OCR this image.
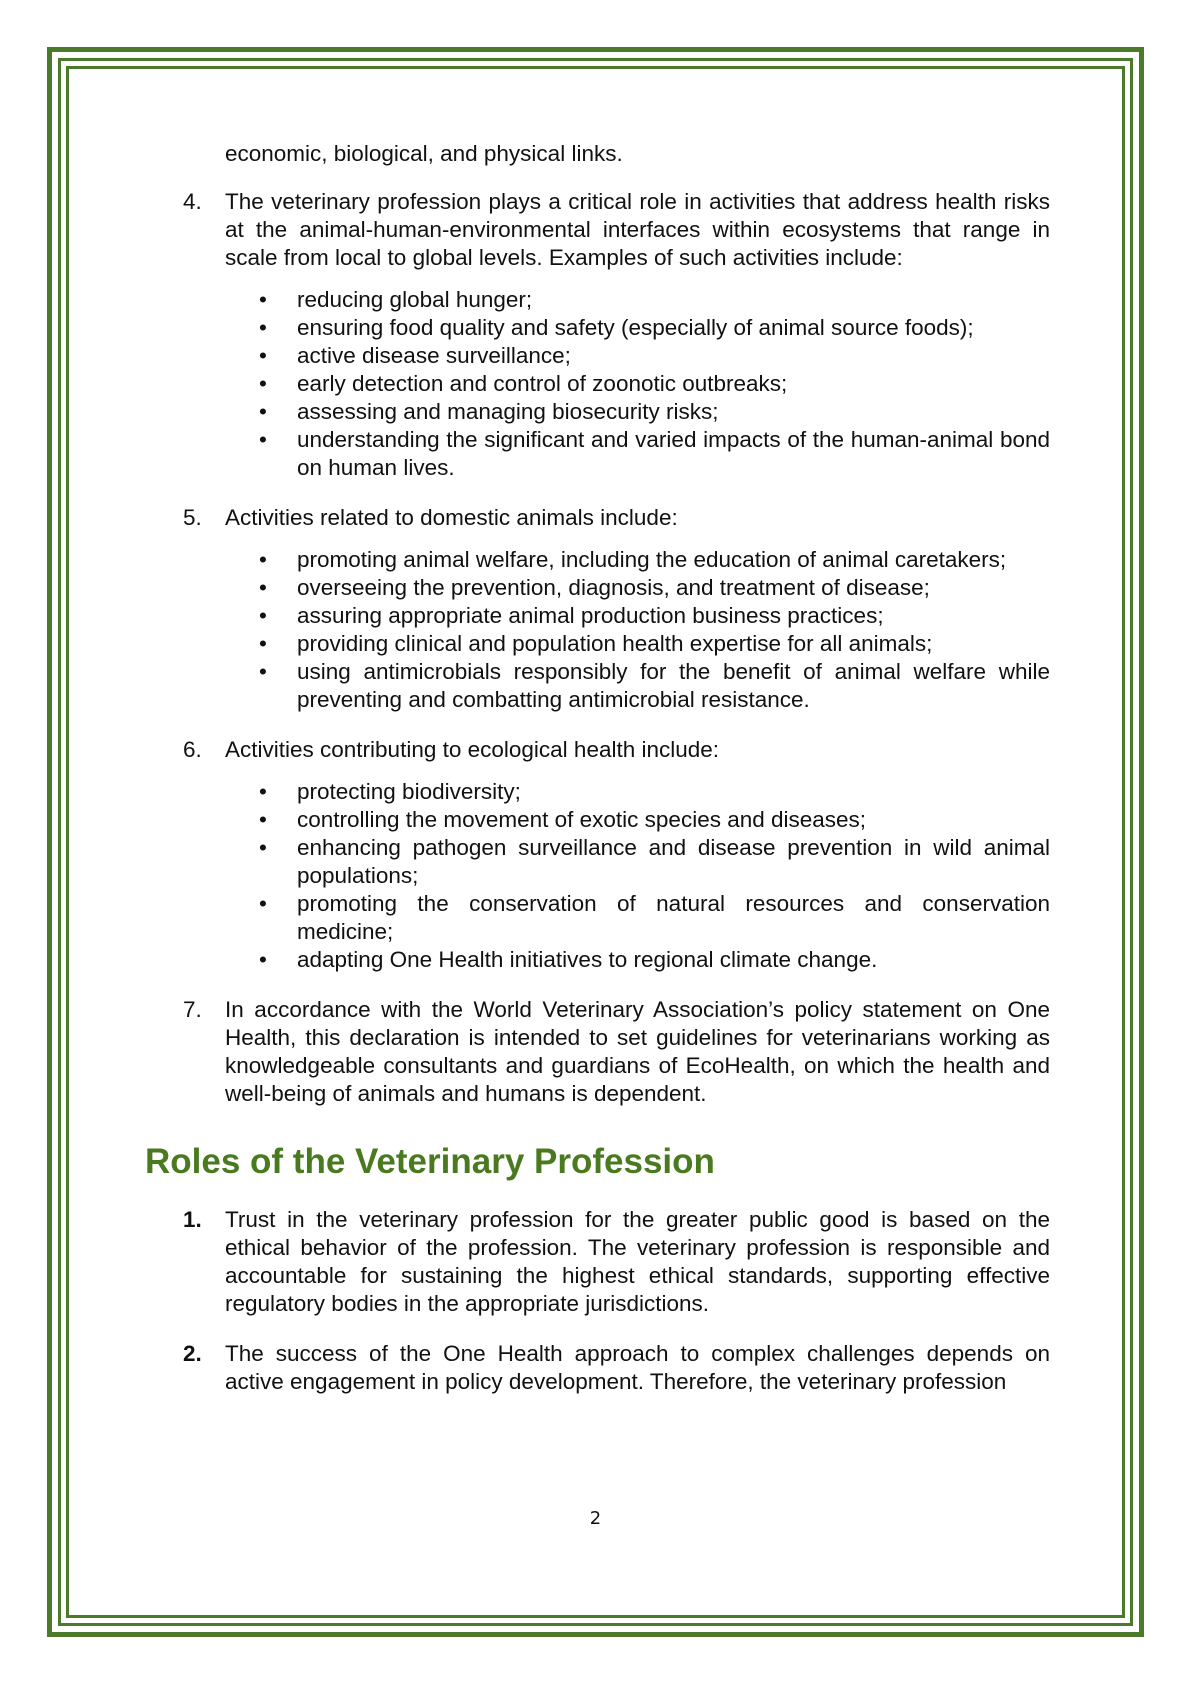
economic, biological, and physical links.

4.	The veterinary profession plays a critical role in activities that address health risks at the animal-human-environmental interfaces within ecosystems that range in scale from local to global levels. Examples of such activities include:

•	reducing global hunger;
•	ensuring food quality and safety (especially of animal source foods);
•	active disease surveillance;
•	early detection and control of zoonotic outbreaks;
•	assessing and managing biosecurity risks;
•	understanding the significant and varied impacts of the human-animal bond on human lives.
5.	Activities related to domestic animals include:

•	promoting animal welfare, including the education of animal caretakers;
•	overseeing the prevention, diagnosis, and treatment of disease;
•	assuring appropriate animal production business practices;
•	providing clinical and population health expertise for all animals;
•	using antimicrobials responsibly for the benefit of animal welfare while preventing and combatting antimicrobial resistance.
6.	Activities contributing to ecological health include:

•	protecting biodiversity;
•	controlling the movement of exotic species and diseases;
•	enhancing pathogen surveillance and disease prevention in wild animal populations;
•	promoting the conservation of natural resources and conservation medicine;
•	adapting One Health initiatives to regional climate change.
7.	In accordance with the World Veterinary Association’s policy statement on One Health, this declaration is intended to set guidelines for veterinarians working as knowledgeable consultants and guardians of EcoHealth, on which the health and well-being of animals and humans is dependent.

Roles of the Veterinary Profession
1.	Trust in the veterinary profession for the greater public good is based on the ethical behavior of the profession. The veterinary profession is responsible and accountable for sustaining the highest ethical standards, supporting effective regulatory bodies in the appropriate jurisdictions.

2.	The success of the One Health approach to complex challenges depends on active engagement in policy development. Therefore, the veterinary profession

2
